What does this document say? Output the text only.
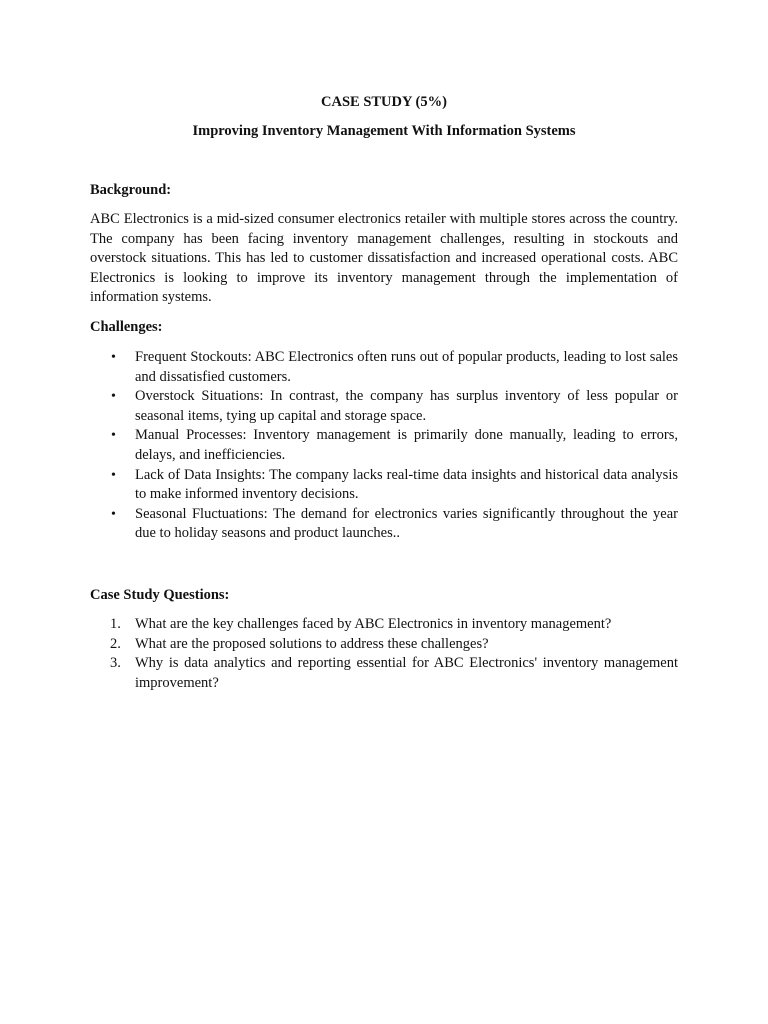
CASE STUDY (5%)
Improving Inventory Management With Information Systems
Background:
ABC Electronics is a mid-sized consumer electronics retailer with multiple stores across the country. The company has been facing inventory management challenges, resulting in stockouts and overstock situations. This has led to customer dissatisfaction and increased operational costs. ABC Electronics is looking to improve its inventory management through the implementation of information systems.
Challenges:
• Frequent Stockouts: ABC Electronics often runs out of popular products, leading to lost sales and dissatisfied customers.
• Overstock Situations: In contrast, the company has surplus inventory of less popular or seasonal items, tying up capital and storage space.
• Manual Processes: Inventory management is primarily done manually, leading to errors, delays, and inefficiencies.
• Lack of Data Insights: The company lacks real-time data insights and historical data analysis to make informed inventory decisions.
• Seasonal Fluctuations: The demand for electronics varies significantly throughout the year due to holiday seasons and product launches..
Case Study Questions:
1. What are the key challenges faced by ABC Electronics in inventory management?
2. What are the proposed solutions to address these challenges?
3. Why is data analytics and reporting essential for ABC Electronics' inventory management improvement?
